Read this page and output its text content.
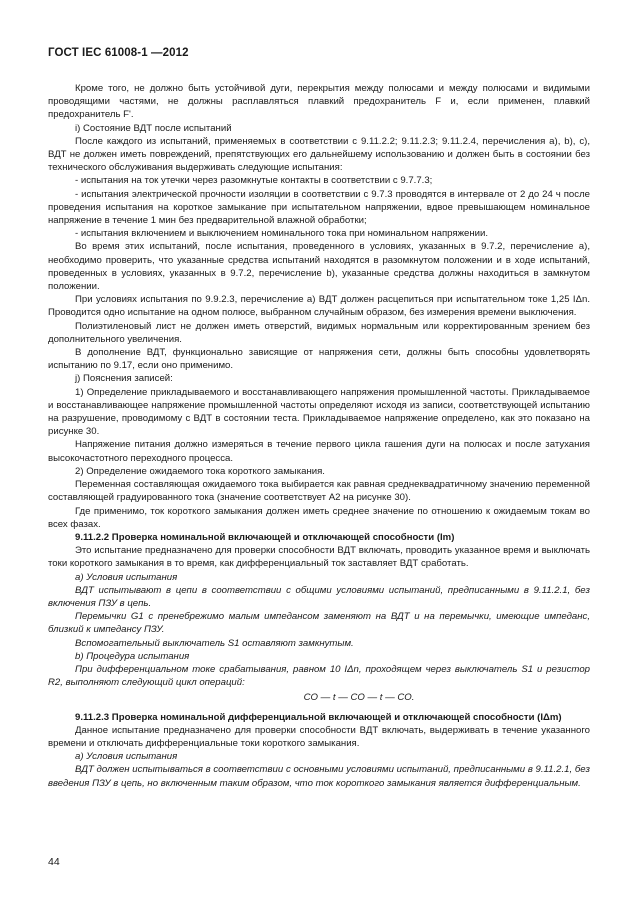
ГОСТ IEC 61008-1 —2012

Кроме того, не должно быть устойчивой дуги, перекрытия между полюсами и между полюсами и видимыми проводящими частями, не должны расплавляться плавкий предохранитель F и, если применен, плавкий предохранитель F'.

i) Состояние ВДТ после испытаний

После каждого из испытаний, применяемых в соответствии с 9.11.2.2; 9.11.2.3; 9.11.2.4, перечисления а), b), с), ВДТ не должен иметь повреждений, препятствующих его дальнейшему использованию и должен быть в состоянии без технического обслуживания выдерживать следующие испытания:

- испытания на ток утечки через разомкнутые контакты в соответствии с 9.7.7.3;

- испытания электрической прочности изоляции в соответствии с 9.7.3 проводятся в интервале от 2 до 24 ч после проведения испытания на короткое замыкание при испытательном напряжении, вдвое превышающем номинальное напряжение в течение 1 мин без предварительной влажной обработки;

- испытания включением и выключением номинального тока при номинальном напряжении.

Во время этих испытаний, после испытания, проведенного в условиях, указанных в 9.7.2, перечисление а), необходимо проверить, что указанные средства испытаний находятся в разомкнутом положении и в ходе испытаний, проведенных в условиях, указанных в 9.7.2, перечисление b), указанные средства должны находиться в замкнутом положении.

При условиях испытания по 9.9.2.3, перечисление а) ВДТ должен расцепиться при испытательном токе 1,25 IΔn. Проводится одно испытание на одном полюсе, выбранном случайным образом, без измерения времени выключения.

Полиэтиленовый лист не должен иметь отверстий, видимых нормальным или корректированным зрением без дополнительного увеличения.

В дополнение ВДТ, функционально зависящие от напряжения сети, должны быть способны удовлетворять испытанию по 9.17, если оно применимо.

j) Пояснения записей:

1) Определение прикладываемого и восстанавливающего напряжения промышленной частоты. Прикладываемое и восстанавливающее напряжение промышленной частоты определяют исходя из записи, соответствующей испытанию на разрушение, проводимому с ВДТ в состоянии теста. Прикладываемое напряжение определено, как это показано на рисунке 30.

Напряжение питания должно измеряться в течение первого цикла гашения дуги на полюсах и после затухания высокочастотного переходного процесса.

2) Определение ожидаемого тока короткого замыкания.

Переменная составляющая ожидаемого тока выбирается как равная среднеквадратичному значению переменной составляющей градуированного тока (значение соответствует A2 на рисунке 30).

Где применимо, ток короткого замыкания должен иметь среднее значение по отношению к ожидаемым токам во всех фазах.

9.11.2.2 Проверка номинальной включающей и отключающей способности (Im)

Это испытание предназначено для проверки способности ВДТ включать, проводить указанное время и выключать токи короткого замыкания в то время, как дифференциальный ток заставляет ВДТ сработать.

а) Условия испытания

ВДТ испытывают в цепи в соответствии с общими условиями испытаний, предписанными в 9.11.2.1, без включения ПЗУ в цепь.

Перемычки G1 с пренебрежимо малым импедансом заменяют на ВДТ и на перемычки, имеющие импеданс, близкий к импедансу ПЗУ.

Вспомогательный выключатель S1 оставляют замкнутым.

b) Процедура испытания

При дифференциальном токе срабатывания, равном 10 IΔn, проходящем через выключатель S1 и резистор R2, выполняют следующий цикл операций:

CO — t — CO — t — CO.

9.11.2.3 Проверка номинальной дифференциальной включающей и отключающей способности (IΔm)

Данное испытание предназначено для проверки способности ВДТ включать, выдерживать в течение указанного времени и отключать дифференциальные токи короткого замыкания.

а) Условия испытания

ВДТ должен испытываться в соответствии с основными условиями испытаний, предписанными в 9.11.2.1, без введения ПЗУ в цепь, но включенным таким образом, что ток короткого замыкания является дифференциальным.

44
